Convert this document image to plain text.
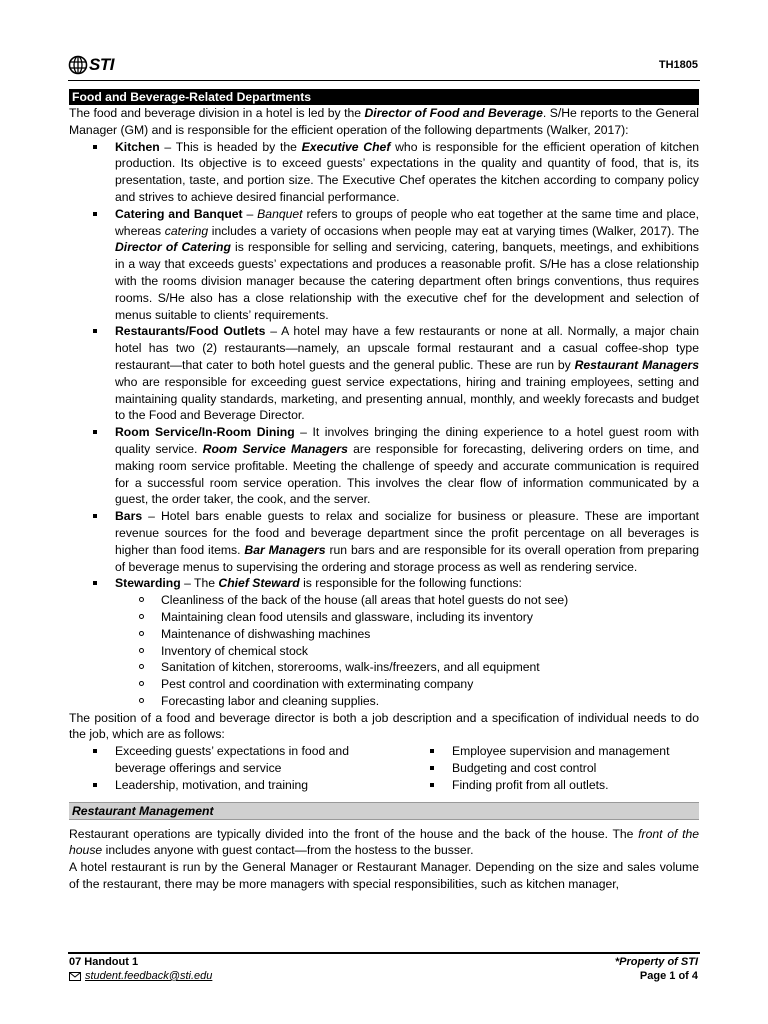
STI	TH1805
Food and Beverage-Related Departments

The food and beverage division in a hotel is led by the Director of Food and Beverage. S/He reports to the General Manager (GM) and is responsible for the efficient operation of the following departments (Walker, 2017):

Kitchen – This is headed by the Executive Chef who is responsible for the efficient operation of kitchen production. Its objective is to exceed guests’ expectations in the quality and quantity of food, that is, its presentation, taste, and portion size. The Executive Chef operates the kitchen according to company policy and strives to achieve desired financial performance.
Catering and Banquet – Banquet refers to groups of people who eat together at the same time and place, whereas catering includes a variety of occasions when people may eat at varying times (Walker, 2017). The Director of Catering is responsible for selling and servicing, catering, banquets, meetings, and exhibitions in a way that exceeds guests’ expectations and produces a reasonable profit. S/He has a close relationship with the rooms division manager because the catering department often brings conventions, thus requires rooms. S/He also has a close relationship with the executive chef for the development and selection of menus suitable to clients’ requirements.
Restaurants/Food Outlets – A hotel may have a few restaurants or none at all. Normally, a major chain hotel has two (2) restaurants—namely, an upscale formal restaurant and a casual coffee-shop type restaurant—that cater to both hotel guests and the general public. These are run by Restaurant Managers who are responsible for exceeding guest service expectations, hiring and training employees, setting and maintaining quality standards, marketing, and presenting annual, monthly, and weekly forecasts and budget to the Food and Beverage Director.
Room Service/In-Room Dining – It involves bringing the dining experience to a hotel guest room with quality service. Room Service Managers are responsible for forecasting, delivering orders on time, and making room service profitable. Meeting the challenge of speedy and accurate communication is required for a successful room service operation. This involves the clear flow of information communicated by a guest, the order taker, the cook, and the server.
Bars – Hotel bars enable guests to relax and socialize for business or pleasure. These are important revenue sources for the food and beverage department since the profit percentage on all beverages is higher than food items. Bar Managers run bars and are responsible for its overall operation from preparing of beverage menus to supervising the ordering and storage process as well as rendering service.
Stewarding – The Chief Steward is responsible for the following functions:
Cleanliness of the back of the house (all areas that hotel guests do not see)
Maintaining clean food utensils and glassware, including its inventory
Maintenance of dishwashing machines
Inventory of chemical stock
Sanitation of kitchen, storerooms, walk-ins/freezers, and all equipment
Pest control and coordination with exterminating company
Forecasting labor and cleaning supplies.

The position of a food and beverage director is both a job description and a specification of individual needs to do the job, which are as follows:

Exceeding guests’ expectations in food and beverage offerings and service
Leadership, motivation, and training
Employee supervision and management
Budgeting and cost control
Finding profit from all outlets.
Restaurant Management

Restaurant operations are typically divided into the front of the house and the back of the house. The front of the house includes anyone with guest contact—from the hostess to the busser.

A hotel restaurant is run by the General Manager or Restaurant Manager. Depending on the size and sales volume of the restaurant, there may be more managers with special responsibilities, such as kitchen manager,

07 Handout 1
student.feedback@sti.edu
*Property of STI
Page 1 of 4
